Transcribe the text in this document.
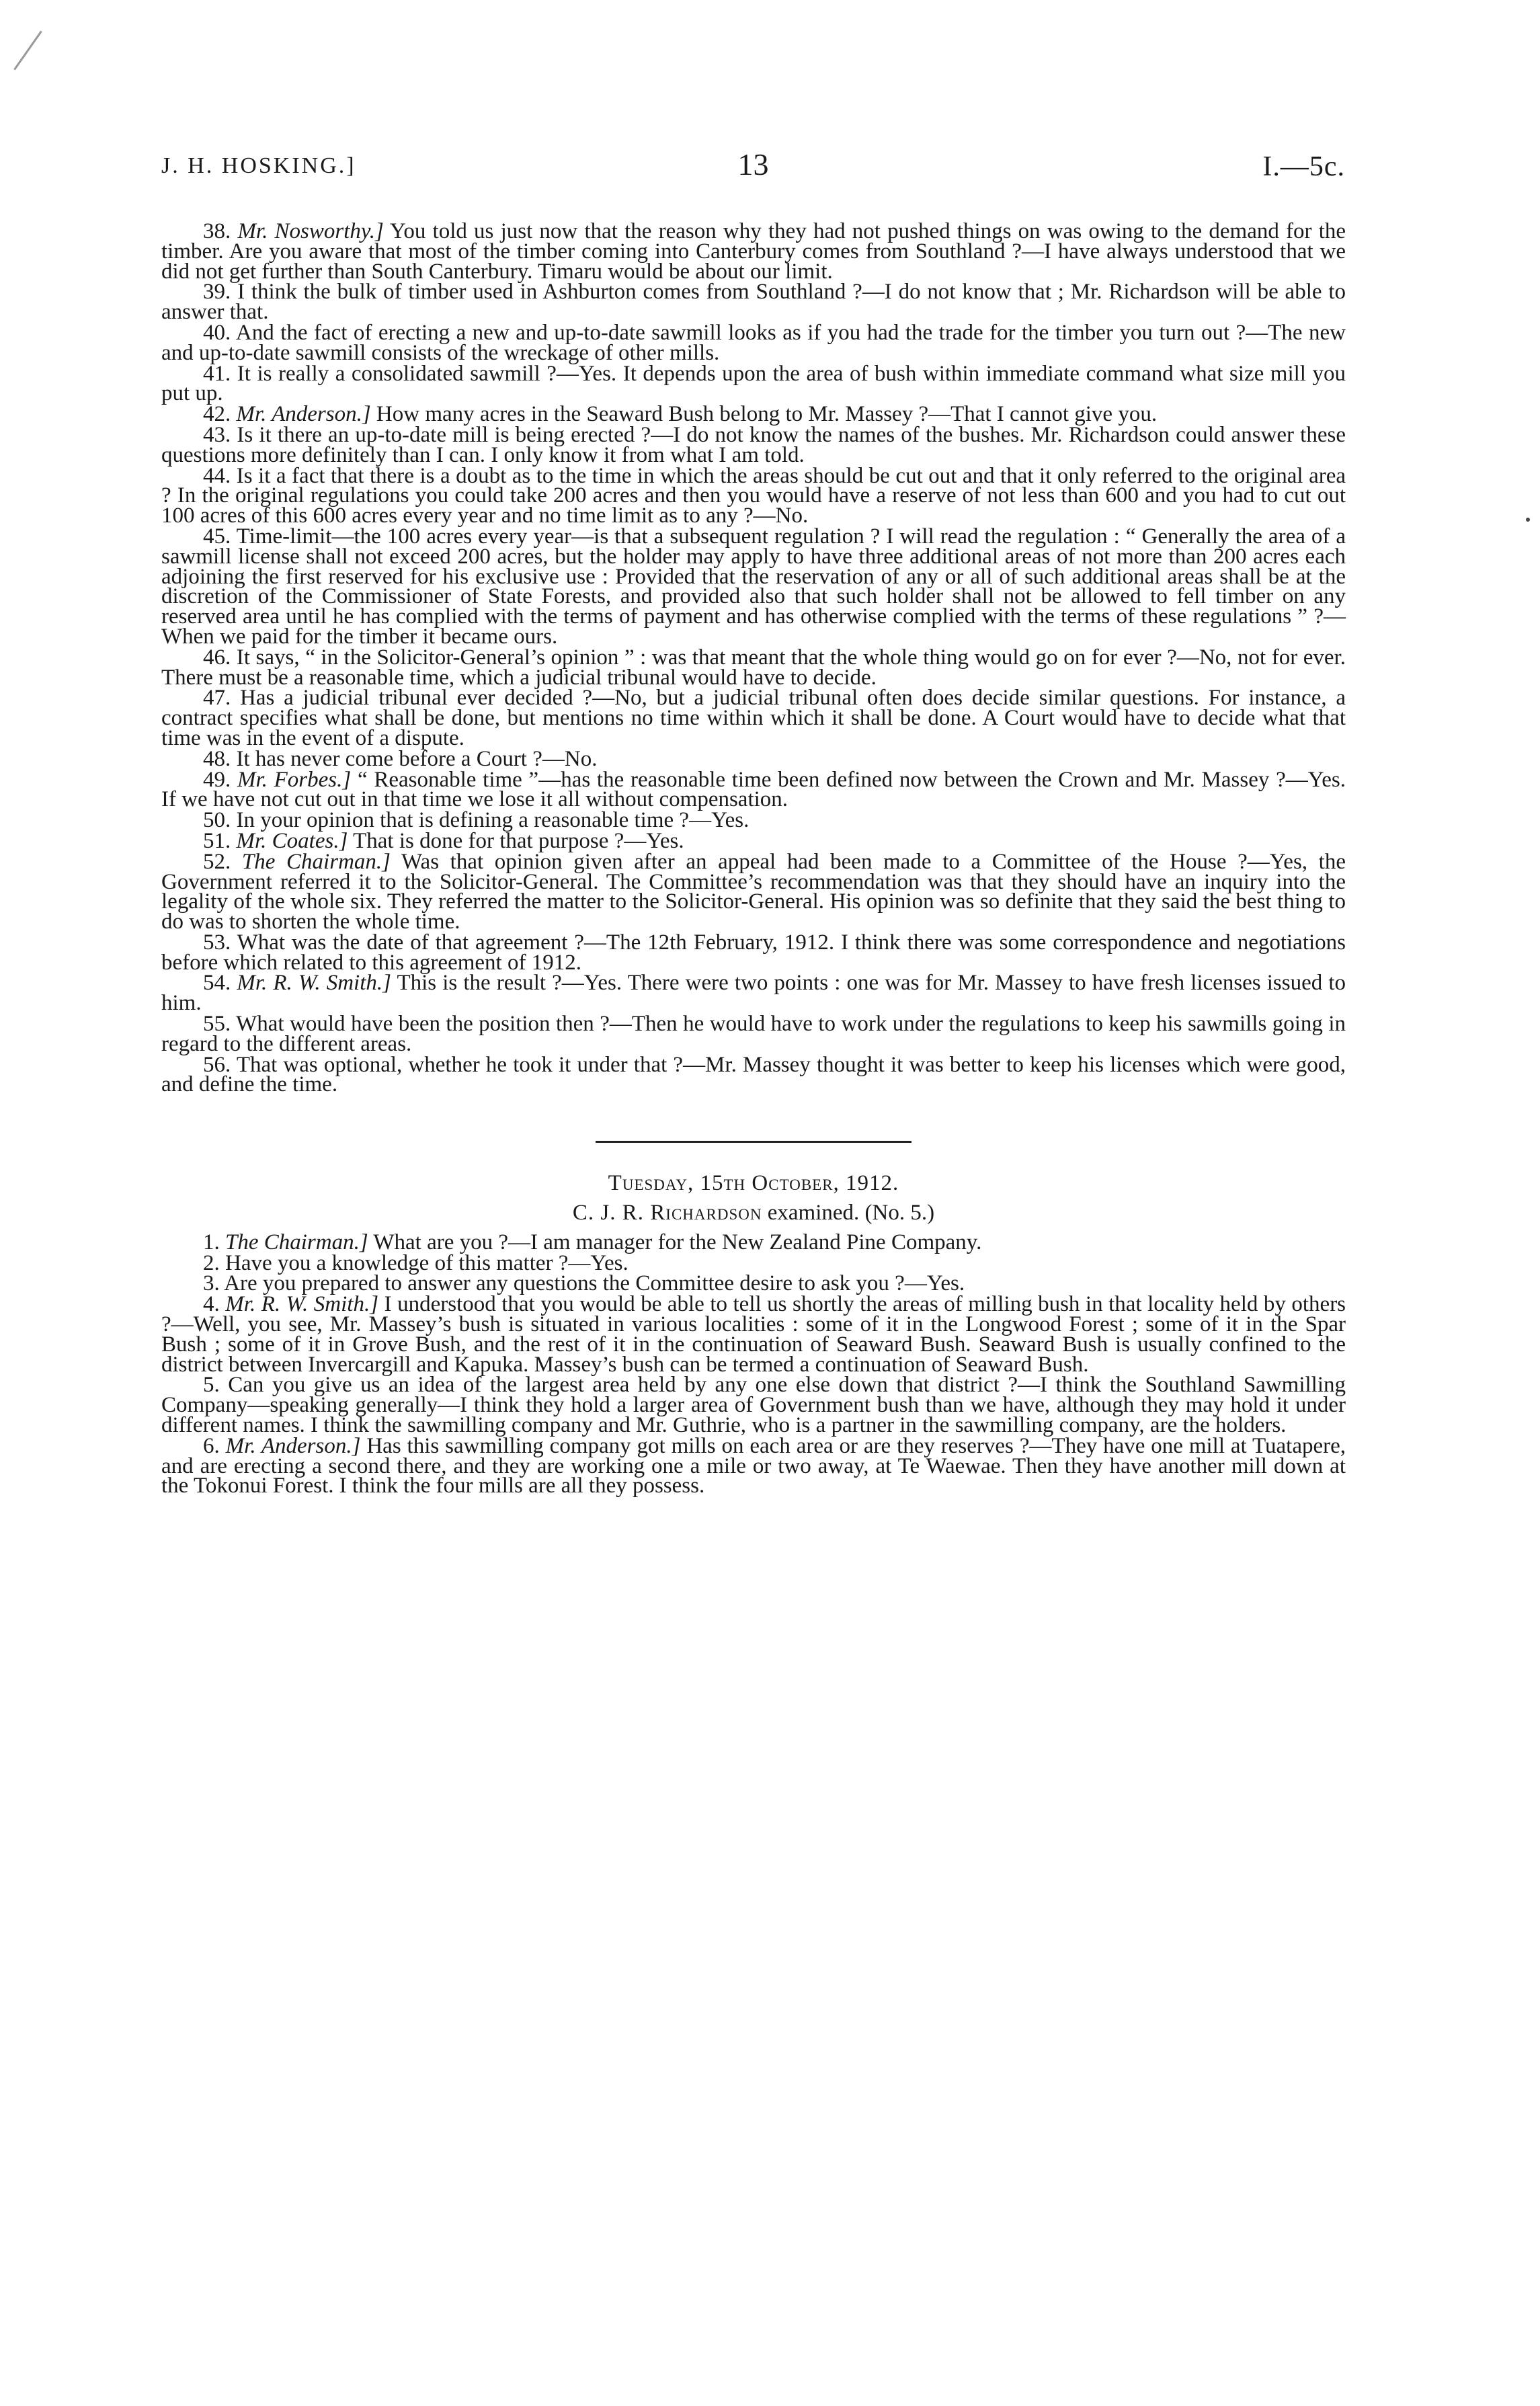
J. H. HOSKING.]	13	I.—5c.

38. Mr. Nosworthy.] You told us just now that the reason why they had not pushed things on was owing to the demand for the timber. Are you aware that most of the timber coming into Canterbury comes from Southland ?—I have always understood that we did not get further than South Canterbury. Timaru would be about our limit.

39. I think the bulk of timber used in Ashburton comes from Southland ?—I do not know that ; Mr. Richardson will be able to answer that.

40. And the fact of erecting a new and up-to-date sawmill looks as if you had the trade for the timber you turn out ?—The new and up-to-date sawmill consists of the wreckage of other mills.

41. It is really a consolidated sawmill ?—Yes. It depends upon the area of bush within immediate command what size mill you put up.

42. Mr. Anderson.] How many acres in the Seaward Bush belong to Mr. Massey ?—That I cannot give you.

43. Is it there an up-to-date mill is being erected ?—I do not know the names of the bushes. Mr. Richardson could answer these questions more definitely than I can. I only know it from what I am told.

44. Is it a fact that there is a doubt as to the time in which the areas should be cut out and that it only referred to the original area ? In the original regulations you could take 200 acres and then you would have a reserve of not less than 600 and you had to cut out 100 acres of this 600 acres every year and no time limit as to any ?—No.

45. Time-limit—the 100 acres every year—is that a subsequent regulation ? I will read the regulation : “ Generally the area of a sawmill license shall not exceed 200 acres, but the holder may apply to have three additional areas of not more than 200 acres each adjoining the first reserved for his exclusive use : Provided that the reservation of any or all of such additional areas shall be at the discretion of the Commissioner of State Forests, and provided also that such holder shall not be allowed to fell timber on any reserved area until he has complied with the terms of payment and has otherwise complied with the terms of these regulations ” ?—When we paid for the timber it became ours.

46. It says, “ in the Solicitor-General’s opinion ” : was that meant that the whole thing would go on for ever ?—No, not for ever. There must be a reasonable time, which a judicial tribunal would have to decide.

47. Has a judicial tribunal ever decided ?—No, but a judicial tribunal often does decide similar questions. For instance, a contract specifies what shall be done, but mentions no time within which it shall be done. A Court would have to decide what that time was in the event of a dispute.

48. It has never come before a Court ?—No.

49. Mr. Forbes.] “ Reasonable time ”—has the reasonable time been defined now between the Crown and Mr. Massey ?—Yes. If we have not cut out in that time we lose it all without compensation.

50. In your opinion that is defining a reasonable time ?—Yes.

51. Mr. Coates.] That is done for that purpose ?—Yes.

52. The Chairman.] Was that opinion given after an appeal had been made to a Committee of the House ?—Yes, the Government referred it to the Solicitor-General. The Committee’s recommendation was that they should have an inquiry into the legality of the whole six. They referred the matter to the Solicitor-General. His opinion was so definite that they said the best thing to do was to shorten the whole time.

53. What was the date of that agreement ?—The 12th February, 1912. I think there was some correspondence and negotiations before which related to this agreement of 1912.

54. Mr. R. W. Smith.] This is the result ?—Yes. There were two points : one was for Mr. Massey to have fresh licenses issued to him.

55. What would have been the position then ?—Then he would have to work under the regulations to keep his sawmills going in regard to the different areas.

56. That was optional, whether he took it under that ?—Mr. Massey thought it was better to keep his licenses which were good, and define the time.

Tuesday, 15th October, 1912.
C. J. R. Richardson examined. (No. 5.)

1. The Chairman.] What are you ?—I am manager for the New Zealand Pine Company.

2. Have you a knowledge of this matter ?—Yes.

3. Are you prepared to answer any questions the Committee desire to ask you ?—Yes.

4. Mr. R. W. Smith.] I understood that you would be able to tell us shortly the areas of milling bush in that locality held by others ?—Well, you see, Mr. Massey’s bush is situated in various localities : some of it in the Longwood Forest ; some of it in the Spar Bush ; some of it in Grove Bush, and the rest of it in the continuation of Seaward Bush. Seaward Bush is usually confined to the district between Invercargill and Kapuka. Massey’s bush can be termed a continuation of Seaward Bush.

5. Can you give us an idea of the largest area held by any one else down that district ?—I think the Southland Sawmilling Company—speaking generally—I think they hold a larger area of Government bush than we have, although they may hold it under different names. I think the sawmilling company and Mr. Guthrie, who is a partner in the sawmilling company, are the holders.

6. Mr. Anderson.] Has this sawmilling company got mills on each area or are they reserves ?—They have one mill at Tuatapere, and are erecting a second there, and they are working one a mile or two away, at Te Waewae. Then they have another mill down at the Tokonui Forest. I think the four mills are all they possess.
